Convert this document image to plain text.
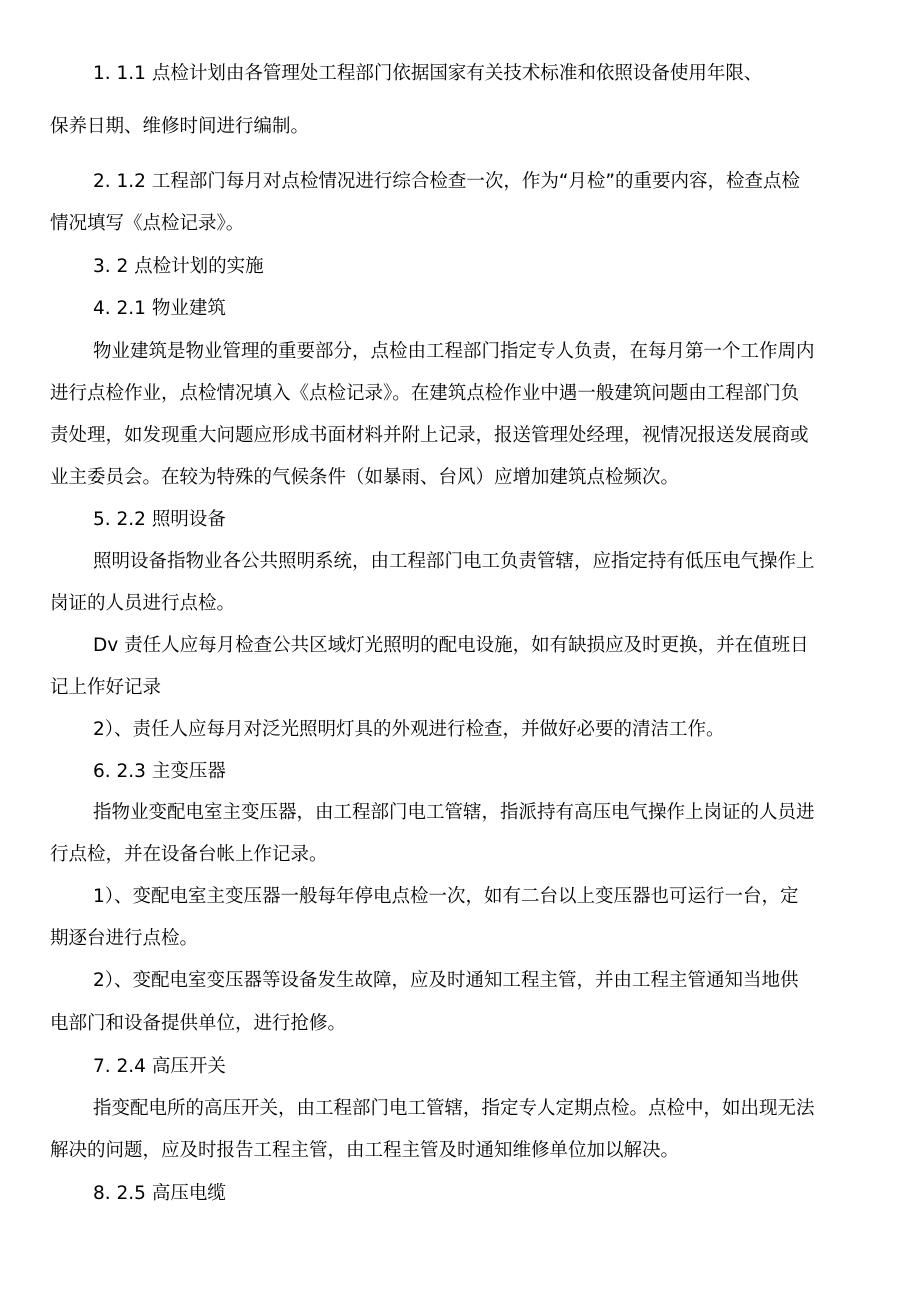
1. 1.1 点检计划由各管理处工程部门依据国家有关技术标准和依照设备使用年限、
保养日期、维修时间进行编制。
2. 1.2 工程部门每月对点检情况进行综合检查一次，作为“月检”的重要内容，检查点检
情况填写《点检记录》。
3. 2 点检计划的实施
4. 2.1 物业建筑
物业建筑是物业管理的重要部分，点检由工程部门指定专人负责，在每月第一个工作周内
进行点检作业，点检情况填入《点检记录》。在建筑点检作业中遇一般建筑问题由工程部门负
责处理，如发现重大问题应形成书面材料并附上记录，报送管理处经理，视情况报送发展商或
业主委员会。在较为特殊的气候条件（如暴雨、台风）应增加建筑点检频次。
5. 2.2 照明设备
照明设备指物业各公共照明系统，由工程部门电工负责管辖，应指定持有低压电气操作上
岗证的人员进行点检。
Dv 责任人应每月检查公共区域灯光照明的配电设施，如有缺损应及时更换，并在值班日
记上作好记录
2）、责任人应每月对泛光照明灯具的外观进行检查，并做好必要的清洁工作。
6. 2.3 主变压器
指物业变配电室主变压器，由工程部门电工管辖，指派持有高压电气操作上岗证的人员进
行点检，并在设备台帐上作记录。
1）、变配电室主变压器一般每年停电点检一次，如有二台以上变压器也可运行一台，定
期逐台进行点检。
2）、变配电室变压器等设备发生故障，应及时通知工程主管，并由工程主管通知当地供
电部门和设备提供单位，进行抢修。
7. 2.4 高压开关
指变配电所的高压开关，由工程部门电工管辖，指定专人定期点检。点检中，如出现无法
解决的问题，应及时报告工程主管，由工程主管及时通知维修单位加以解决。
8. 2.5 高压电缆
